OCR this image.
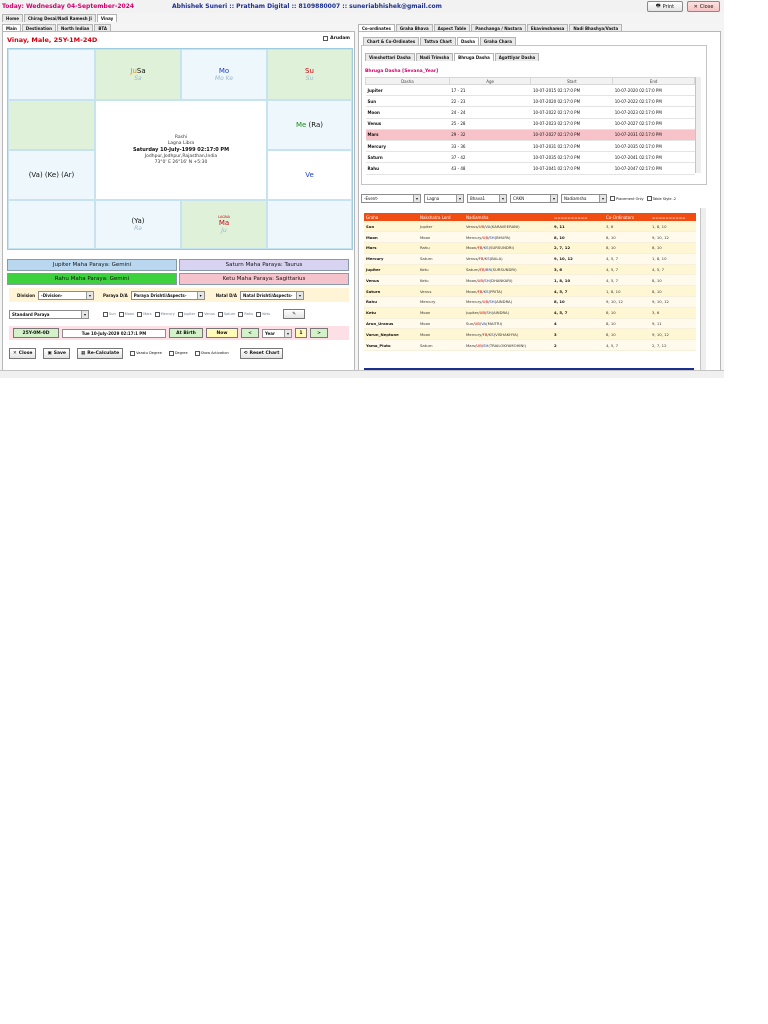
Today: Wednesday 04-September-2024	Abhishek Suneri :: Pratham Digital :: 8109880007 :: suneriabhishek@gmail.com	🖶 Print	✕ Close
Home	Chirag Desai/Nadi Ramesh Ji	Vinay
Main	Destination	North Indian	BTA	Co-ordinates	Graha Bhava	Aspect Table	Panchanga / Nastara	Ekavimshamsa	Nadi Bhashya/Vasta
Vinay, Male, 25Y-1M-24D	Arudam
JuSa
Sa
Mo
Mo Ke
Su
Su
Rashi
Lagna Libra
Saturday 10-July-1999 02:17:0 PM
Jodhpur,Jodhpur,Rajasthan,India
73°0' E 26°16' N +5:30
Me (Ra)
(Va) (Ke) (Ar)	Ve
(Ya)
Ra
LAGNA
Ma
Ju
Jupiter Maha Paraya: Gemini	Saturn Maha Paraya: Taurus
Rahu Maha Paraya: Gemini	Ketu Maha Paraya: Sagittarius
Division -Division-	▾	Paraya D/A Paraya Drishti/Aspects-	▾	Natal D/A Natal Drishti/Aspects-	▾
Standard Paraya	▾	Sun	Moon	Mars	Mercury	Jupiter	Venus	Saturn	Rahu	Ketu	✎
25Y-0M-0D	Tue 10-July-2029 02:17:1 PM	At Birth	Now	<	Year	▾	1	>
✕ Close	▣ Save	▦ Re-Calculate	Vaastu Degree	Degree	Show Activation	⟲ Reset Chart
Chart & Co-Ordinates	Tattva Chart	Dasha	Graha Chara
Vimshottari Dasha	Nadi Trimsha	Bhruga Dasha	Agattiyar Dasha
Bhruga Dasha [Sevana_Year]
Dasha	Age	Start	End
Jupiter	17 - 21	10-07-2015 02:17:0 PM	10-07-2020 02:17:0 PM
Sun	22 - 23	10-07-2020 02:17:0 PM	10-07-2022 02:17:0 PM
Moon	24 - 24	10-07-2022 02:17:0 PM	10-07-2023 02:17:0 PM
Venus	25 - 28	10-07-2023 02:17:0 PM	10-07-2027 02:17:0 PM
Mars	29 - 32	10-07-2027 02:17:0 PM	10-07-2031 02:17:0 PM
Mercury	33 - 36	10-07-2031 02:17:0 PM	10-07-2035 02:17:0 PM
Saturn	37 - 42	10-07-2035 02:17:0 PM	10-07-2041 02:17:0 PM
Rahu	43 - 48	10-07-2041 02:17:0 PM	10-07-2047 02:17:0 PM
-Event-	▾	Lagna	▾	Bhava1	▾	CAKN	▾	Nadiamsha	▾	Placement Only	Table Style -2
Graha	Nakshatra Lord	Nadiamsha	==========	Co-Ordinators	==========
Sun	Jupiter	Venus/UB/VA(KARAVEERANI)	9, 11	3, 6	1, 8, 10
Moon	Moon	Mercury/UB/SH(BHUPA)	8, 10	8, 10	9, 10, 12
Mars	Rahu	Moon/FB/KS(SURSUNDRI)	2, 7, 12	8, 10	8, 10
Mercury	Saturn	Venus/FB/KS(BALA)	9, 10, 12	4, 5, 7	1, 8, 10
Jupiter	Ketu	Saturn/FB/BR(SURSUNDRI)	3, 6	4, 5, 7	4, 5, 7
Venus	Ketu	Moon/UB/SH(DHANKARI)	1, 8, 10	4, 5, 7	8, 10
Saturn	Venus	Moon/FB/KS(PRITA)	4, 5, 7	1, 8, 10	8, 10
Rahu	Mercury	Mercury/UB/SH(AINDRA)	8, 10	9, 10, 12	9, 10, 12
Ketu	Moon	Jupiter/UB/SH(AINDRA)	4, 5, 7	8, 10	3, 6
Arun_Uranus	Moon	Sun/UB/VA(MAITRI)	4	8, 10	9, 11
Varun_Neptune	Moon	Mercury/FB/KS(VISHAKHYA)	3	8, 10	9, 10, 12
Yama_Pluto	Saturn	Mars/UB/SH(TRAILOKYAMOHINI)	2	4, 5, 7	2, 7, 12
